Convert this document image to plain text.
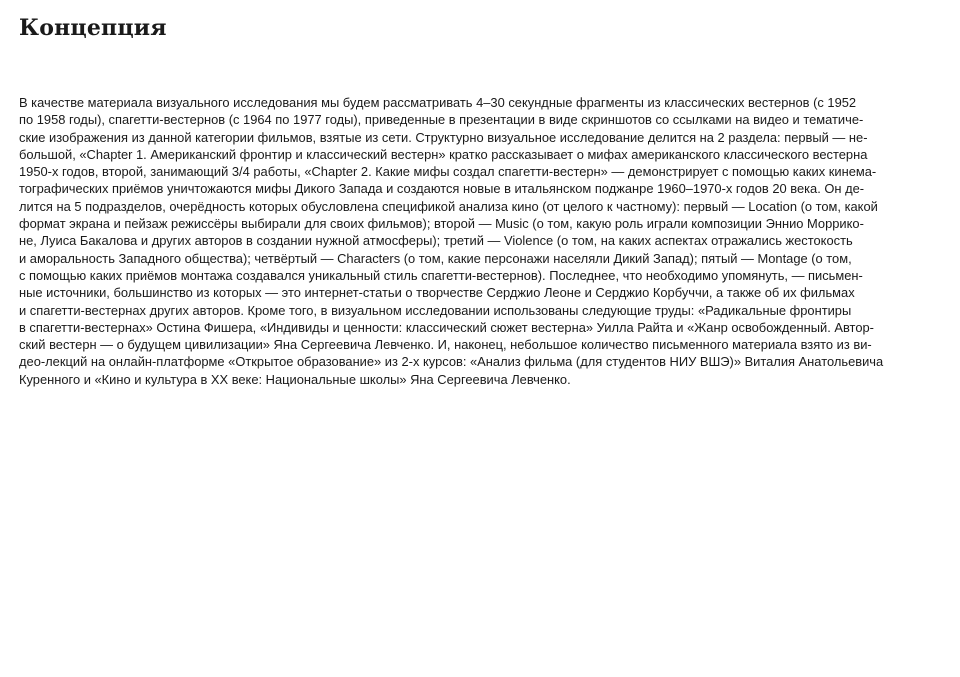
Концепция

В качестве материала визуального исследования мы будем рассматривать 4–30 секундные фрагменты из классических вестернов (с 1952
по 1958 годы), спагетти-вестернов (с 1964 по 1977 годы), приведенные в презентации в виде скриншотов со ссылками на видео и тематиче-
ские изображения из данной категории фильмов, взятые из сети. Структурно визуальное исследование делится на 2 раздела: первый — не-
большой, «Chapter 1. Американский фронтир и классический вестерн» кратко рассказывает о мифах американского классического вестерна
1950-х годов, второй, занимающий 3/4 работы, «Chapter 2. Какие мифы создал спагетти-вестерн» — демонстрирует с помощью каких кинема-
тографических приёмов уничтожаются мифы Дикого Запада и создаются новые в итальянском поджанре 1960–1970-х годов 20 века. Он де-
лится на 5 подразделов, очерёдность которых обусловлена спецификой анализа кино (от целого к частному): первый — Location (о том, какой
формат экрана и пейзаж режиссёры выбирали для своих фильмов); второй — Music (о том, какую роль играли композиции Эннио Моррико-
не, Луиса Бакалова и других авторов в создании нужной атмосферы); третий — Violence (о том, на каких аспектах отражались жестокость
и аморальность Западного общества); четвёртый — Characters (о том, какие персонажи населяли Дикий Запад); пятый — Montage (о том,
с помощью каких приёмов монтажа создавался уникальный стиль спагетти-вестернов). Последнее, что необходимо упомянуть, — письмен-
ные источники, большинство из которых — это интернет-статьи о творчестве Серджио Леоне и Серджио Корбуччи, а также об их фильмах
и спагетти-вестернах других авторов. Кроме того, в визуальном исследовании использованы следующие труды: «Радикальные фронтиры
в спагетти-вестернах» Остина Фишера, «Индивиды и ценности: классический сюжет вестерна» Уилла Райта и «Жанр освобожденный. Автор-
ский вестерн — о будущем цивилизации» Яна Сергеевича Левченко. И, наконец, небольшое количество письменного материала взято из ви-
део-лекций на онлайн-платформе «Открытое образование» из 2-х курсов: «Анализ фильма (для студентов НИУ ВШЭ)» Виталия Анатольевича
Куренного и «Кино и культура в XX веке: Национальные школы» Яна Сергеевича Левченко.
